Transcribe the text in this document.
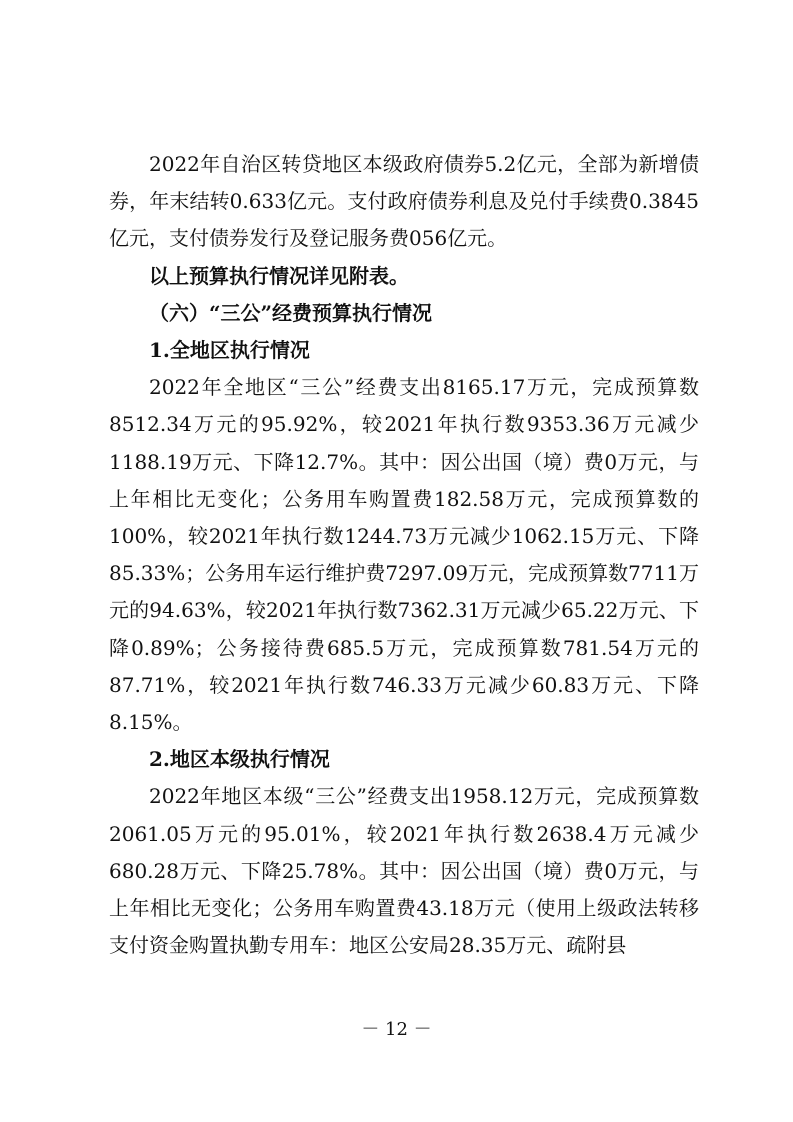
2022年自治区转贷地区本级政府债券5.2亿元，全部为新增债券，年末结转0.633亿元。支付政府债券利息及兑付手续费0.3845亿元，支付债券发行及登记服务费056亿元。

以上预算执行情况详见附表。

（六）“三公”经费预算执行情况

1.全地区执行情况

2022年全地区“三公”经费支出8165.17万元，完成预算数8512.34万元的95.92%，较2021年执行数9353.36万元减少1188.19万元、下降12.7%。其中：因公出国（境）费0万元，与上年相比无变化；公务用车购置费182.58万元，完成预算数的100%，较2021年执行数1244.73万元减少1062.15万元、下降85.33%；公务用车运行维护费7297.09万元，完成预算数7711万元的94.63%，较2021年执行数7362.31万元减少65.22万元、下降0.89%；公务接待费685.5万元，完成预算数781.54万元的87.71%，较2021年执行数746.33万元减少60.83万元、下降8.15%。

2.地区本级执行情况

2022年地区本级“三公”经费支出1958.12万元，完成预算数2061.05万元的95.01%，较2021年执行数2638.4万元减少680.28万元、下降25.78%。其中：因公出国（境）费0万元，与上年相比无变化；公务用车购置费43.18万元（使用上级政法转移支付资金购置执勤专用车：地区公安局28.35万元、疏附县

－ 12 －
